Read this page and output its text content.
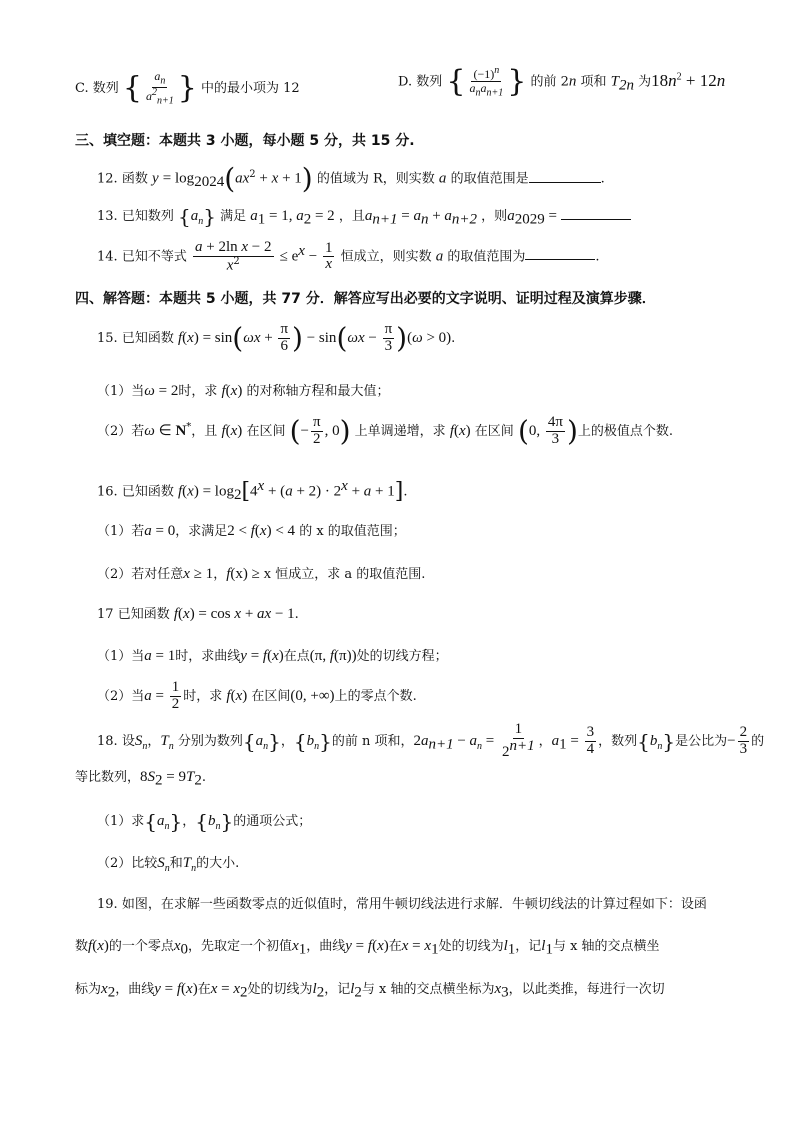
C. 数列 { $\frac{a_n}{a^2_{n+1}}$ } 中的最小项为 12	D. 数列 { $\frac{(-1)^n}{a_na_{n+1}}$ } 的前 2n 项和 $T_{2n}$ 为$18n^2 + 12n$
三、填空题：本题共 3 小题，每小题 5 分，共 15 分.
12. 函数 $y = \log_{2024}(ax^2 + x + 1)$ 的值域为 R，则实数 a 的取值范围是	.
13. 已知数列 $\{a_n\}$ 满足 $a_1 = 1$, $a_2 = 2$ ，且$a_{n+1} = a_n + a_{n+2}$ ，则$a_{2029}$ =
14. 已知不等式 $\frac{\text{a + 2ln x − 2}}{x^2} \le e^x - \frac{1}{x}$ 恒成立，则实数 a 的取值范围为	.
四、解答题：本题共 5 小题，共 77 分．解答应写出必要的文字说明、证明过程及演算步骤．
15. 已知函数 $f(x) = \sin(\omega x + \frac{\pi}{6}$ ) − $\sin(\omega x - \frac{\pi}{3} )(\omega > 0)$.
（1）当ω = 2时，求 f(x) 的对称轴方程和最大值；
（2）若ω ∈ N*，且 f(x) 在区间 (− $\frac{\pi}{2}$ , 0) 上单调递增，求 f(x) 在区间 (0, $\frac{4\pi}{3}$ )上的极值点个数.
16. 已知函数 $f(x) = \log_2[4^x + (a + 2) \cdot 2^x + a + 1]$.
（1）若a = 0，求满足2 < f(x) < 4 的 x 的取值范围；
（2）若对任意x ≥ 1，f(x) ≥ x 恒成立，求 a 的取值范围.
17 已知函数 f(x) = cos x + ax − 1.
（1）当a = 1时，求曲线y = f(x)在点(π, f(π))处的切线方程；
（2）当$a = \frac{1}{2}$ 时，求 f(x) 在区间(0, +∞)上的零点个数.
18. 设$S_n$，$T_n$ 分别为数列$\{a_n\}$，$\{b_n\}$的前 n 项和，$2a_{n+1} - a_n = \frac{1}{2^{n+1}}$ ，$a_1 = \frac{3}{4}$ ，数列$\{b_n\}$是公比为− $\frac{2}{3}$ 的
等比数列，$8S_2 = 9T_2$.
（1）求$\{a_n\}$，$\{b_n\}$的通项公式；
（2）比较$S_n$和$T_n$的大小.
19. 如图，在求解一些函数零点的近似值时，常用牛顿切线法进行求解．牛顿切线法的计算过程如下：设函
数f(x)的一个零点$x_0$，先取定一个初值$x_1$，曲线y = f(x)在$x = x_1$处的切线为$l_1$，记$l_1$与 x 轴的交点横坐
标为$x_2$，曲线y = f(x)在$x = x_2$处的切线为$l_2$，记$l_2$与 x 轴的交点横坐标为$x_3$，以此类推，每进行一次切
